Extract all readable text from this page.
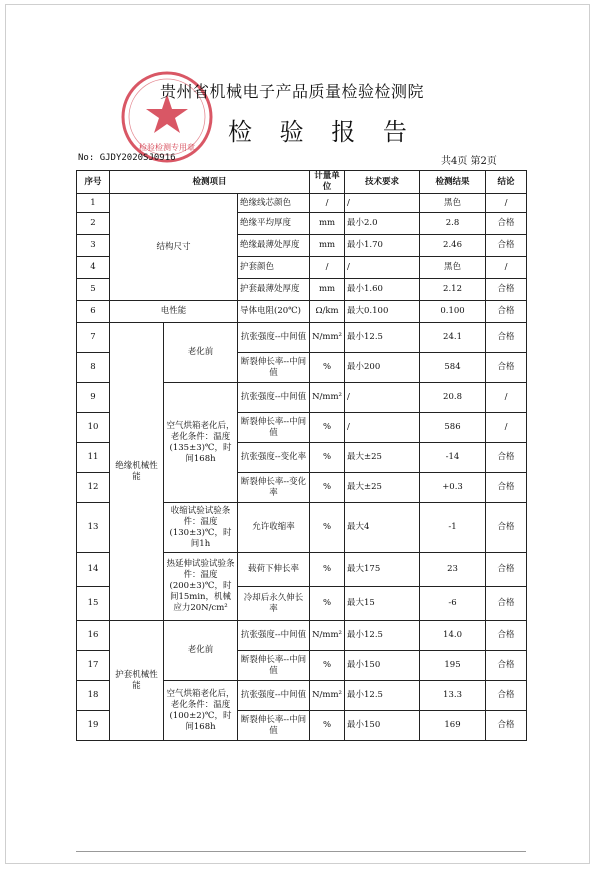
检验检测专用章
贵州省机械电子产品质量检验检测院
检 验 报 告
No: GJDY2020SJ0916	共4页 第2页
序号	检测项目			计量单位	技术要求	检测结果	结论
1	结构尺寸		绝缘线芯颜色	/	/	黑色	/
2			绝缘平均厚度	mm	最小2.0	2.8	合格
3			绝缘最薄处厚度	mm	最小1.70	2.46	合格
4			护套颜色	/	/	黑色	/
5			护套最薄处厚度	mm	最小1.60	2.12	合格
6	电性能		导体电阻(20℃)	Ω/km	最大0.100	0.100	合格
7	绝缘机械性能	老化前	抗张强度--中间值	N/mm²	最小12.5	24.1	合格
8			断裂伸长率--中间值	%	最小200	584	合格
9		空气烘箱老化后，老化条件：温度(135±3)℃，时间168h	抗张强度--中间值	N/mm²	/	20.8	/
10			断裂伸长率--中间值	%	/	586	/
11			抗张强度--变化率	%	最大±25	-14	合格
12			断裂伸长率--变化率	%	最大±25	+0.3	合格
13		收缩试验试验条件：温度(130±3)℃，时间1h	允许收缩率	%	最大4	-1	合格
14		热延伸试验试验条件：温度(200±3)℃，时间15min，机械应力20N/cm²	载荷下伸长率	%	最大175	23	合格
15			冷却后永久伸长率	%	最大15	-6	合格
16	护套机械性能	老化前	抗张强度--中间值	N/mm²	最小12.5	14.0	合格
17			断裂伸长率--中间值	%	最小150	195	合格
18		空气烘箱老化后，老化条件：温度(100±2)℃，时间168h	抗张强度--中间值	N/mm²	最小12.5	13.3	合格
19			断裂伸长率--中间值	%	最小150	169	合格
